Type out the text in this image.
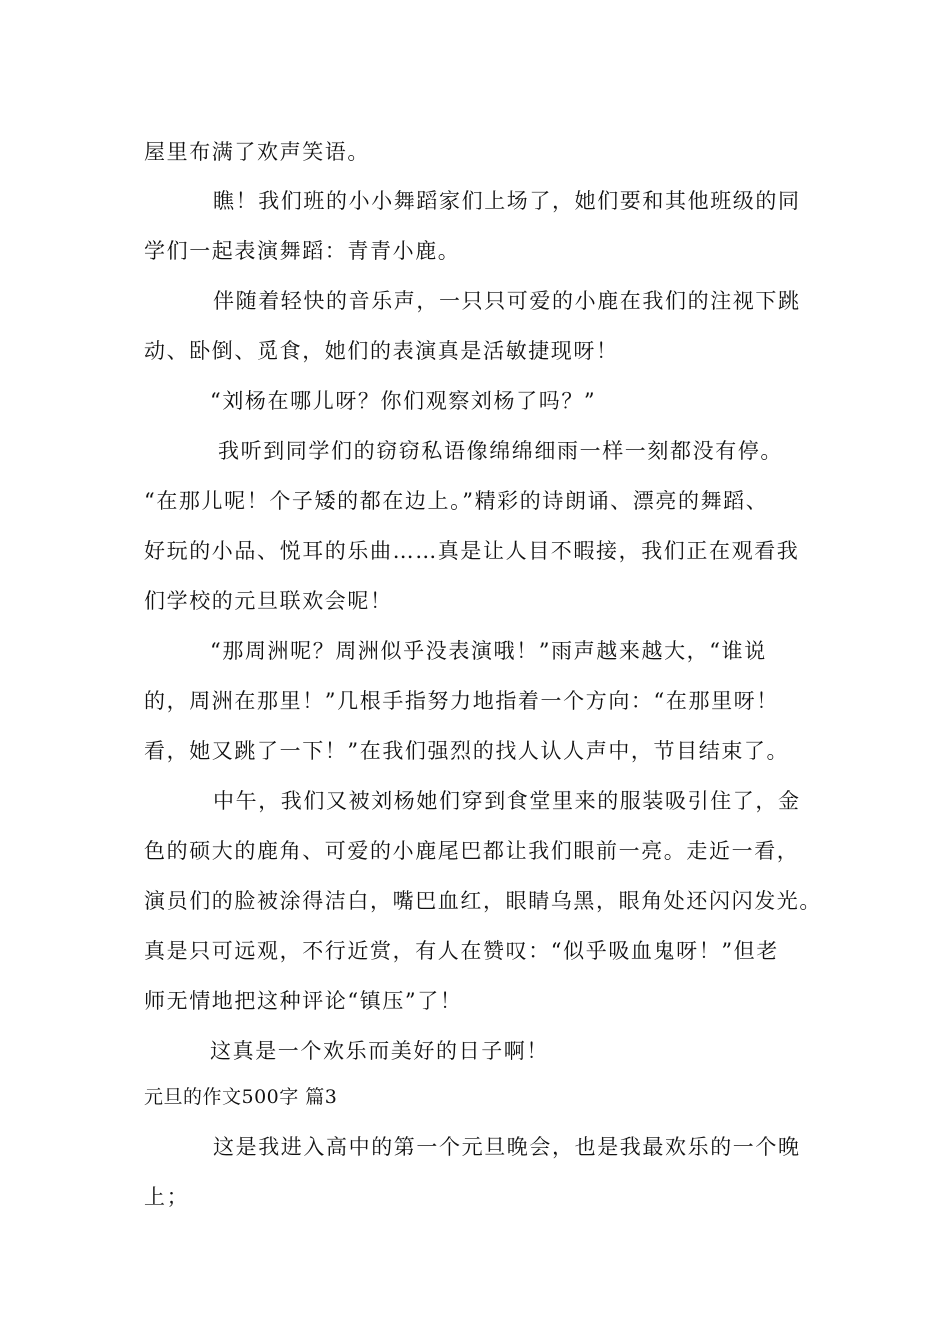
屋里布满了欢声笑语。
瞧！我们班的小小舞蹈家们上场了，她们要和其他班级的同
学们一起表演舞蹈：青青小鹿。
伴随着轻快的音乐声，一只只可爱的小鹿在我们的注视下跳
动、卧倒、觅食，她们的表演真是活敏捷现呀！
“刘杨在哪儿呀？你们观察刘杨了吗？”
我听到同学们的窃窃私语像绵绵细雨一样一刻都没有停。
“在那儿呢！个子矮的都在边上。”精彩的诗朗诵、漂亮的舞蹈、
好玩的小品、悦耳的乐曲……真是让人目不暇接，我们正在观看我
们学校的元旦联欢会呢！
“那周洲呢？周洲似乎没表演哦！”雨声越来越大，“谁说
的，周洲在那里！”几根手指努力地指着一个方向：“在那里呀！
看，她又跳了一下！”在我们强烈的找人认人声中，节目结束了。
中午，我们又被刘杨她们穿到食堂里来的服装吸引住了，金
色的硕大的鹿角、可爱的小鹿尾巴都让我们眼前一亮。走近一看，
演员们的脸被涂得洁白，嘴巴血红，眼睛乌黑，眼角处还闪闪发光。
真是只可远观，不行近赏，有人在赞叹：“似乎吸血鬼呀！”但老
师无情地把这种评论“镇压”了！
这真是一个欢乐而美好的日子啊！
元旦的作文500字 篇3
这是我进入高中的第一个元旦晚会，也是我最欢乐的一个晚
上；
